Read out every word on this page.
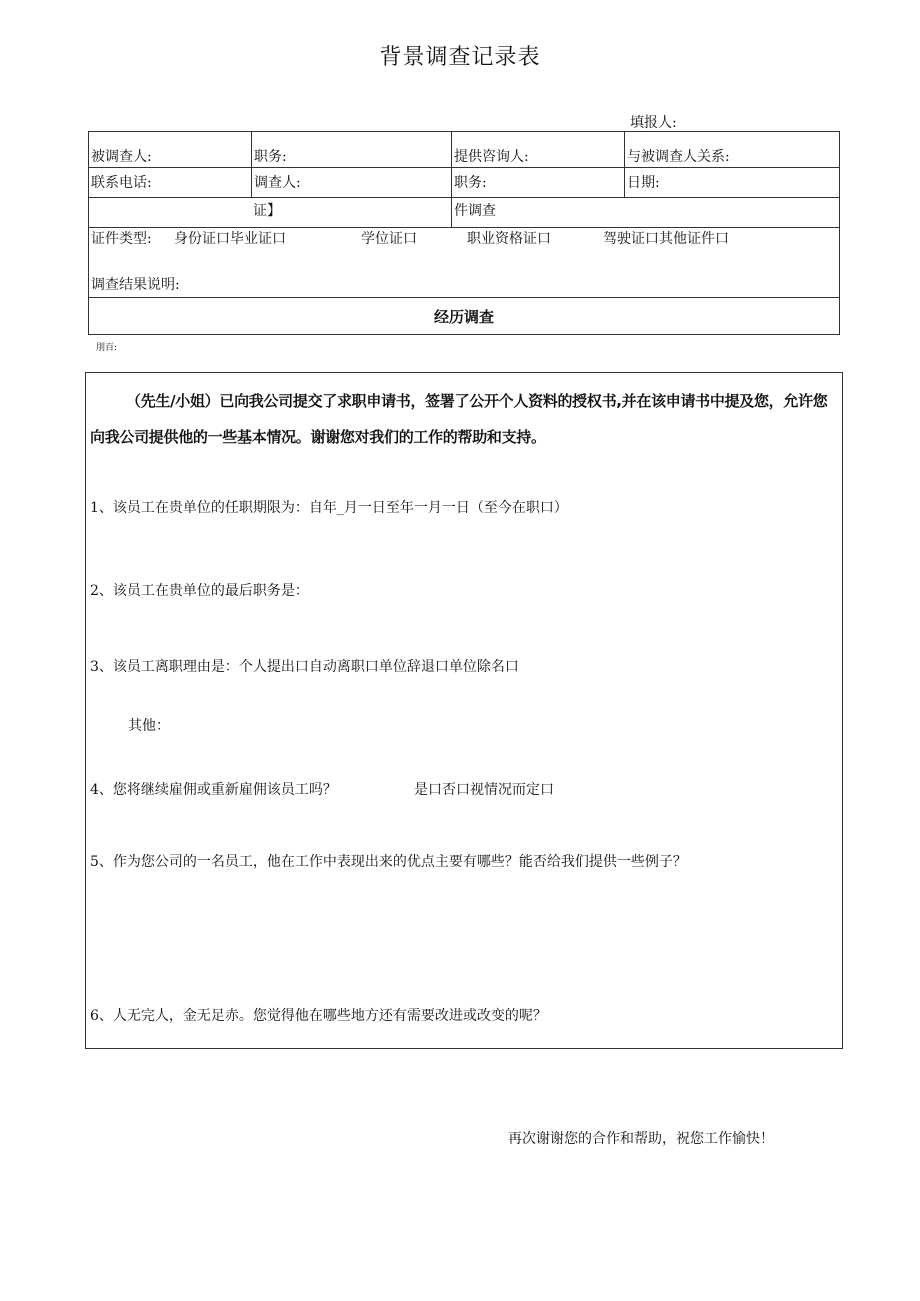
背景调查记录表
填报人:
被调查人:	职务:	提供咨询人:	与被调查人关系:
联系电话:	调查人:	职务:	日期:
证】	件调查
证件类型: 身份证口毕业证口	学位证口	职业资格证口	驾驶证口其他证件口
调查结果说明:
经历调查
刖百:
（先生/小姐）已向我公司提交了求职申请书，签署了公开个人资料的授权书,并在该申请书中提及您，允许您向我公司提供他的一些基本情况。谢谢您对我们的工作的帮助和支持。
1、该员工在贵单位的任职期限为：自年_月一日至年一月一日（至今在职口）
2、该员工在贵单位的最后职务是：
3、该员工离职理由是：个人提出口自动离职口单位辞退口单位除名口
其他：
4、您将继续雇佣或重新雇佣该员工吗？	是口否口视情况而定口
5、作为您公司的一名员工，他在工作中表现出来的优点主要有哪些？能否给我们提供一些例子？
6、人无完人，金无足赤。您觉得他在哪些地方还有需要改进或改变的呢？
再次谢谢您的合作和帮助，祝您工作愉快！
